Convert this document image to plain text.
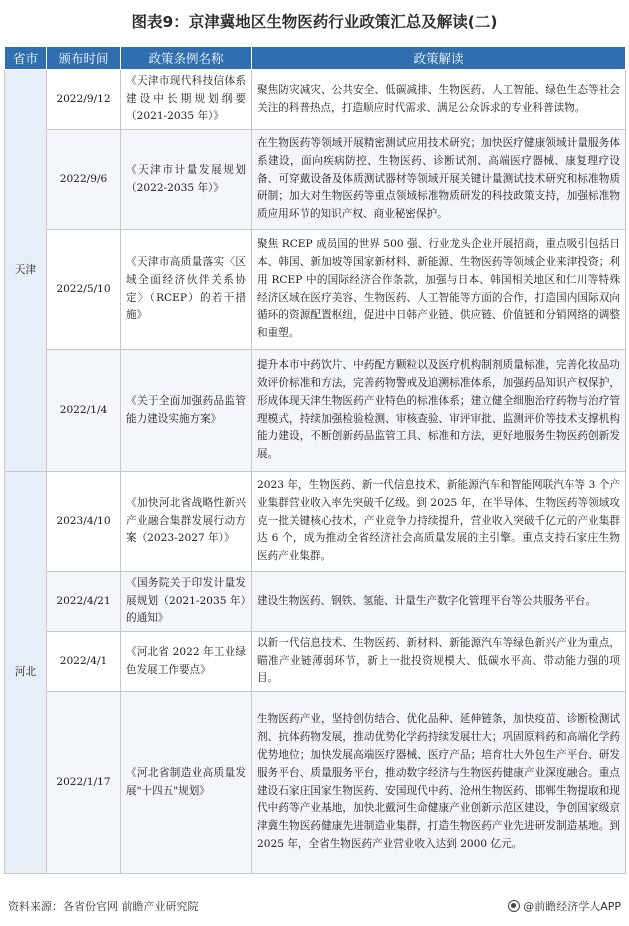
图表9：京津冀地区生物医药行业政策汇总及解读(二)
省市	颁布时间	政策条例名称	政策解读
天津	2022/9/12	《天津市现代科技信体系建设中长期规划纲要（2021-2035 年）》	聚焦防灾减灾、公共安全、低碳减排、生物医药、人工智能、绿色生态等社会关注的科普热点，打造顺应时代需求、满足公众诉求的专业科普读物。
	2022/9/6	《天津市计量发展规划（2022-2035 年）》	在生物医药等领域开展精密测试应用技术研究；加快医疗健康领域计量服务体系建设，面向疾病防控、生物医药、诊断试剂、高端医疗器械、康复理疗设备、可穿戴设备及体质测试器材等领域开展关键计量测试技术研究和标准物质研制；加大对生物医药等重点领域标准物质研发的科技政策支持，加强标准物质应用环节的知识产权、商业秘密保护。
	2022/5/10	《天津市高质量落实〈区域全面经济伙伴关系协定〉（RCEP）的若干措施》	聚焦 RCEP 成员国的世界 500 强、行业龙头企业开展招商，重点吸引包括日本、韩国、新加坡等国家新材料、新能源、生物医药等领域企业来津投资；利用 RCEP 中的国际经济合作条款，加强与日本、韩国相关地区和仁川等特殊经济区域在医疗美容、生物医药、人工智能等方面的合作，打造国内国际双向循环的资源配置枢纽，促进中日韩产业链、供应链、价值链和分销网络的调整和重塑。
	2022/1/4	《关于全面加强药品监管能力建设实施方案》	提升本市中药饮片、中药配方颗粒以及医疗机构制剂质量标准，完善化妆品功效评价标准和方法，完善药物警戒及追溯标准体系，加强药品知识产权保护，形成体现天津生物医药产业特色的标准体系；建立健全细胞治疗药物与治疗管理模式，持续加强检验检测、审核查验、审评审批、监测评价等技术支撑机构能力建设，不断创新药品监管工具、标准和方法，更好地服务生物医药创新发展。
河北	2023/4/10	《加快河北省战略性新兴产业融合集群发展行动方案（2023-2027 年）》	2023 年，生物医药、新一代信息技术、新能源汽车和智能网联汽车等 3 个产业集群营业收入率先突破千亿级。到 2025 年，在半导体、生物医药等领域攻克一批关键核心技术，产业竞争力持续提升，营业收入突破千亿元的产业集群达 6 个，成为推动全省经济社会高质量发展的主引擎。重点支持石家庄生物医药产业集群。
	2022/4/21	《国务院关于印发计量发展规划（2021-2035 年）的通知》	建设生物医药、钢铁、氢能、计量生产数字化管理平台等公共服务平台。
	2022/4/1	《河北省 2022 年工业绿色发展工作要点》	以新一代信息技术、生物医药、新材料、新能源汽车等绿色新兴产业为重点，瞄准产业链薄弱环节，新上一批投资规模大、低碳水平高、带动能力强的项目。
	2022/1/17	《河北省制造业高质量发展"十四五"规划》	生物医药产业，坚持创仿结合、优化品种、延伸链条，加快疫苗、诊断检测试剂、抗体药物发展，推动优势化学药持续发展壮大；巩固原料药和高端化学药优势地位；加快发展高端医疗器械、医疗产品；培育壮大外包生产平台、研发服务平台、质量服务平台，推动数字经济与生物医药健康产业深度融合。重点建设石家庄国家生物医药、安国现代中药、沧州生物医药、邯郸生物提取和现代中药等产业基地，加快北戴河生命健康产业创新示范区建设，争创国家级京津冀生物医药健康先进制造业集群，打造生物医药产业先进研发制造基地。到 2025 年，全省生物医药产业营业收入达到 2000 亿元。
资料来源：各省份官网 前瞻产业研究院	@前瞻经济学人APP
